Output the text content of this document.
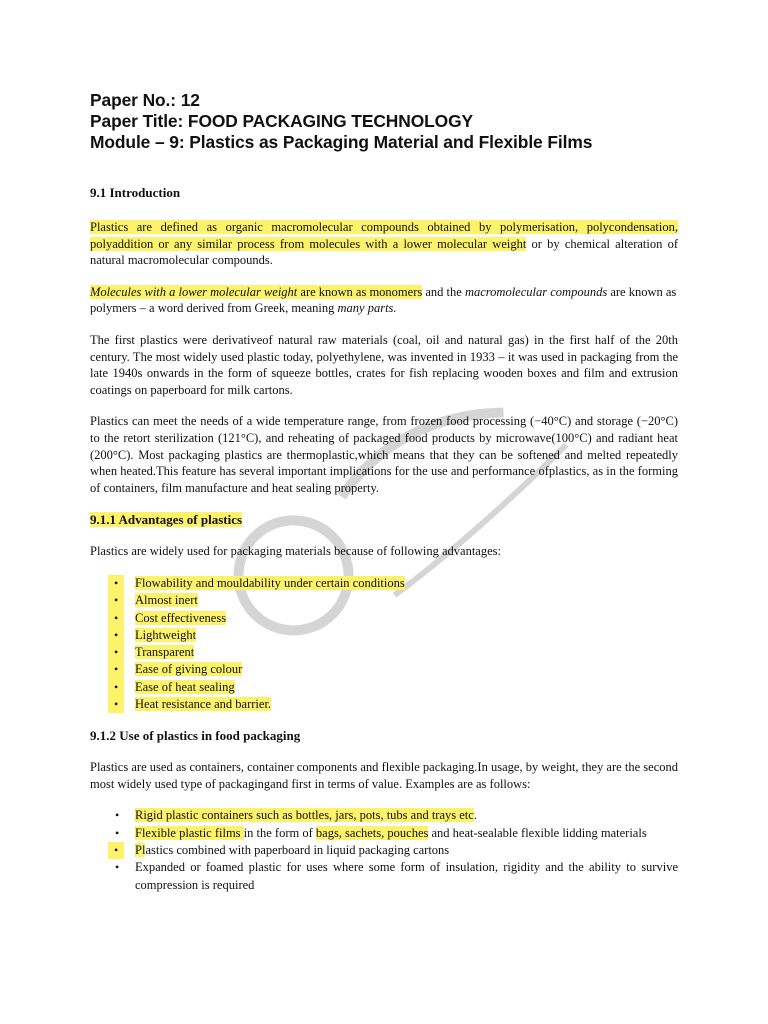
Paper No.: 12
Paper Title: FOOD PACKAGING TECHNOLOGY
Module – 9: Plastics as Packaging Material and Flexible Films
9.1 Introduction

Plastics are defined as organic macromolecular compounds obtained by polymerisation, polycondensation, polyaddition or any similar process from molecules with a lower molecular weight or by chemical alteration of natural macromolecular compounds.

Molecules with a lower molecular weight are known as monomers and the macromolecular compounds are known as polymers – a word derived from Greek, meaning many parts.

The first plastics were derivativeof natural raw materials (coal, oil and natural gas) in the first half of the 20th century. The most widely used plastic today, polyethylene, was invented in 1933 – it was used in packaging from the late 1940s onwards in the form of squeeze bottles, crates for fish replacing wooden boxes and film and extrusion coatings on paperboard for milk cartons.

Plastics can meet the needs of a wide temperature range, from frozen food processing (−40°C) and storage (−20°C) to the retort sterilization (121°C), and reheating of packaged food products by microwave(100°C) and radiant heat (200°C). Most packaging plastics are thermoplastic,which means that they can be softened and melted repeatedly when heated.This feature has several important implications for the use and performance ofplastics, as in the forming of containers, film manufacture and heat sealing property.

9.1.1 Advantages of plastics

Plastics are widely used for packaging materials because of following advantages:

•	Flowability and mouldability under certain conditions
•	Almost inert
•	Cost effectiveness
•	Lightweight
•	Transparent
•	Ease of giving colour
•	Ease of heat sealing
•	Heat resistance and barrier.
9.1.2 Use of plastics in food packaging

Plastics are used as containers, container components and flexible packaging.In usage, by weight, they are the second most widely used type of packagingand first in terms of value. Examples are as follows:

• Rigid plastic containers such as bottles, jars, pots, tubs and trays etc.
• Flexible plastic films in the form of bags, sachets, pouches and heat-sealable flexible lidding materials
•	Plastics combined with paperboard in liquid packaging cartons
• Expanded or foamed plastic for uses where some form of insulation, rigidity and the ability to survive compression is required
